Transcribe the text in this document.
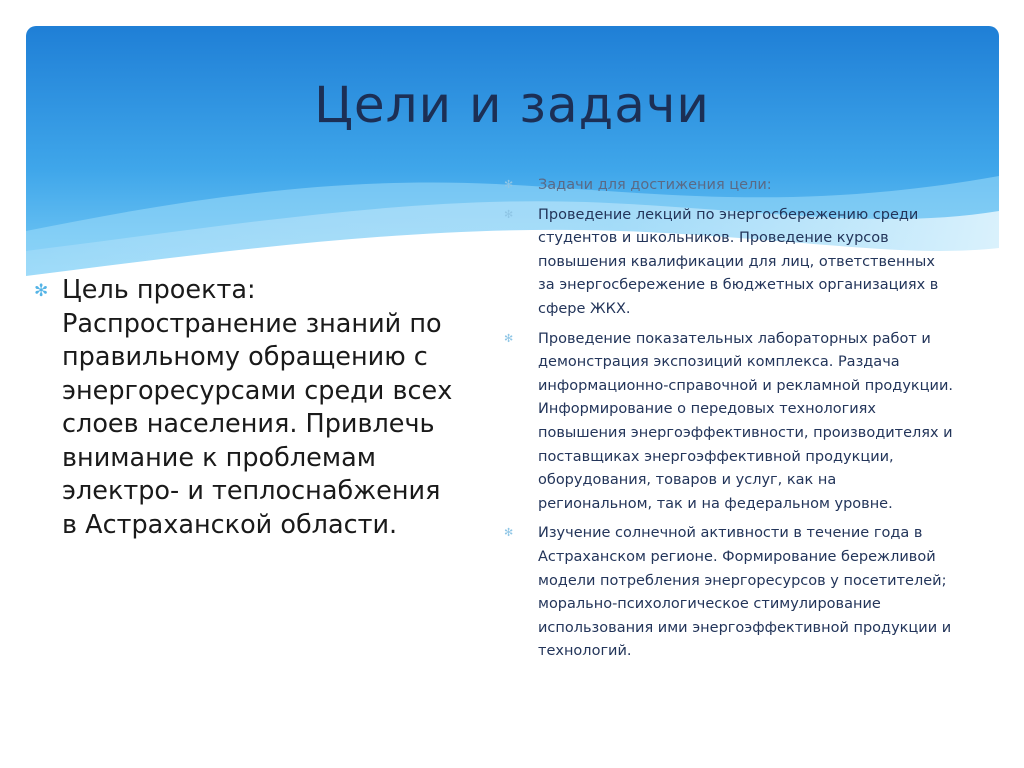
Цели и задачи
✻ Цель проекта: Распространение знаний по правильному обращению с энергоресурсами среди всех слоев населения. Привлечь внимание к проблемам электро- и теплоснабжения в Астраханской области.
✻ Задачи для достижения цели:
✻ Проведение лекций по энергосбережению среди студентов и школьников. Проведение курсов повышения квалификации для лиц, ответственных за энергосбережение в бюджетных организациях в сфере ЖКХ.
✻ Проведение показательных лабораторных работ и демонстрация экспозиций комплекса. Раздача информационно-справочной и рекламной продукции. Информирование о передовых технологиях повышения энергоэффективности, производителях и поставщиках энергоэффективной продукции, оборудования, товаров и услуг, как на региональном, так и на федеральном уровне.
✻ Изучение солнечной активности в течение года в Астраханском регионе. Формирование бережливой модели потребления энергоресурсов у посетителей; морально-психологическое стимулирование использования ими энергоэффективной продукции и технологий.
